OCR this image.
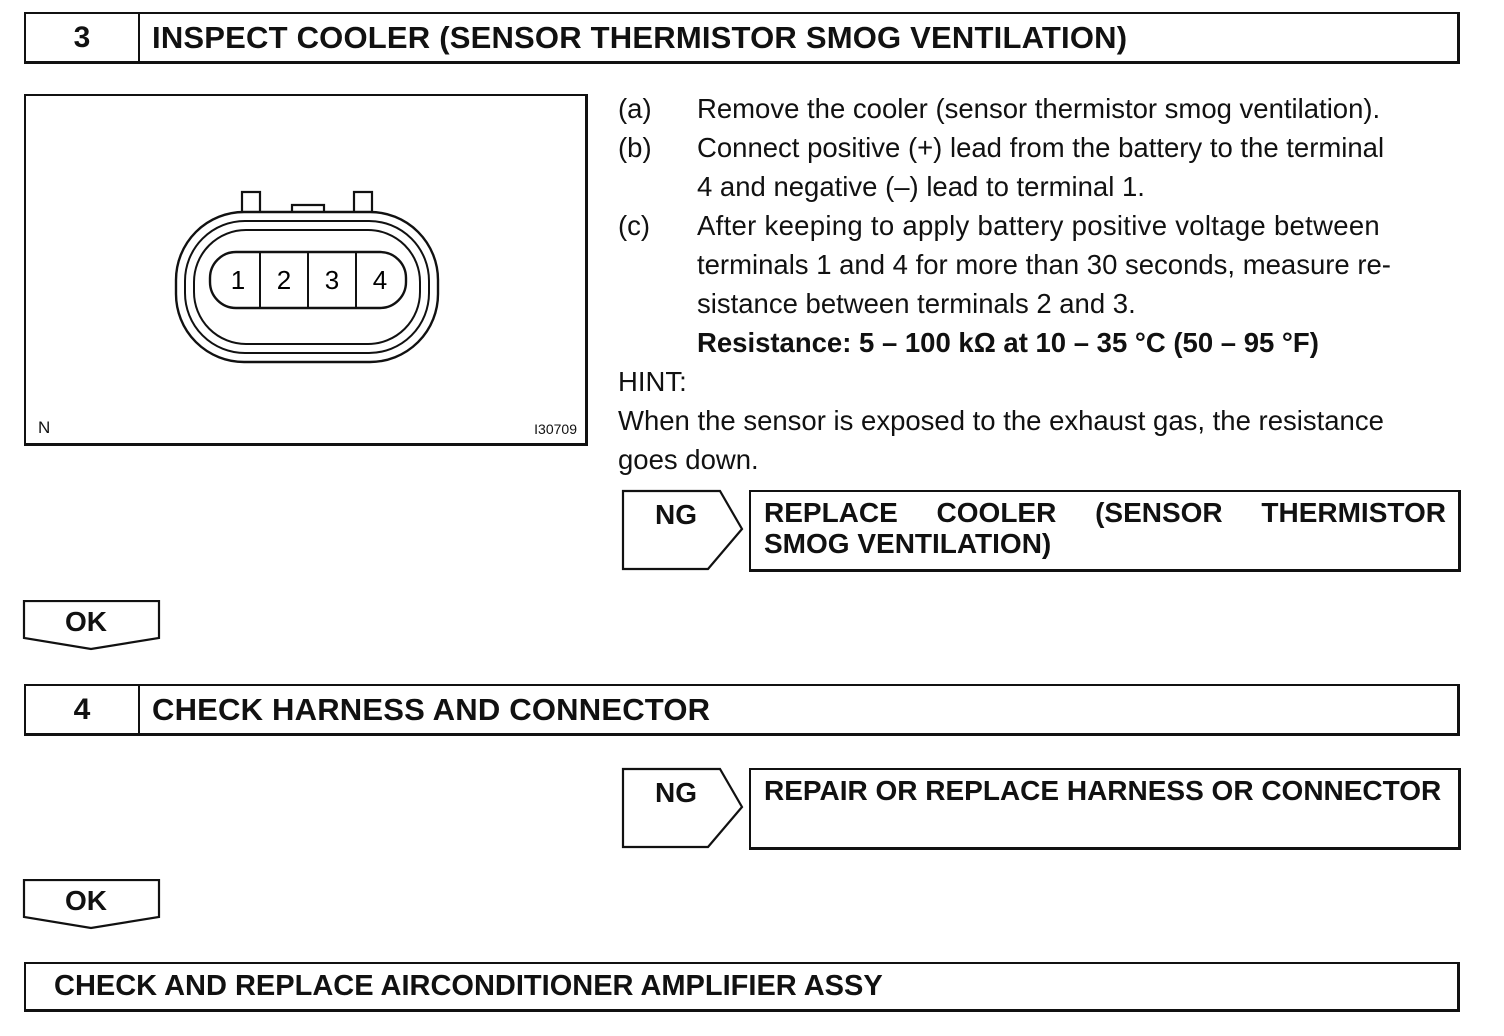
3	INSPECT COOLER (SENSOR THERMISTOR SMOG VENTILATION)
1 2 3 4
N	I30709
(a) Remove the cooler (sensor thermistor smog ventilation).
(b) Connect positive (+) lead from the battery to the terminal
4 and negative (–) lead to terminal 1.
(c) After keeping to apply battery positive voltage between
terminals 1 and 4 for more than 30 seconds, measure re-
sistance between terminals 2 and 3.
Resistance: 5 – 100 kΩ at 10 – 35 °C (50 – 95 °F)
HINT:
When the sensor is exposed to the exhaust gas, the resistance
goes down.
NG	REPLACE COOLER (SENSOR THERMISTOR SMOG VENTILATION)
OK
4	CHECK HARNESS AND CONNECTOR
NG	REPAIR OR REPLACE HARNESS OR CONNECTOR
OK
CHECK AND REPLACE AIRCONDITIONER AMPLIFIER ASSY
